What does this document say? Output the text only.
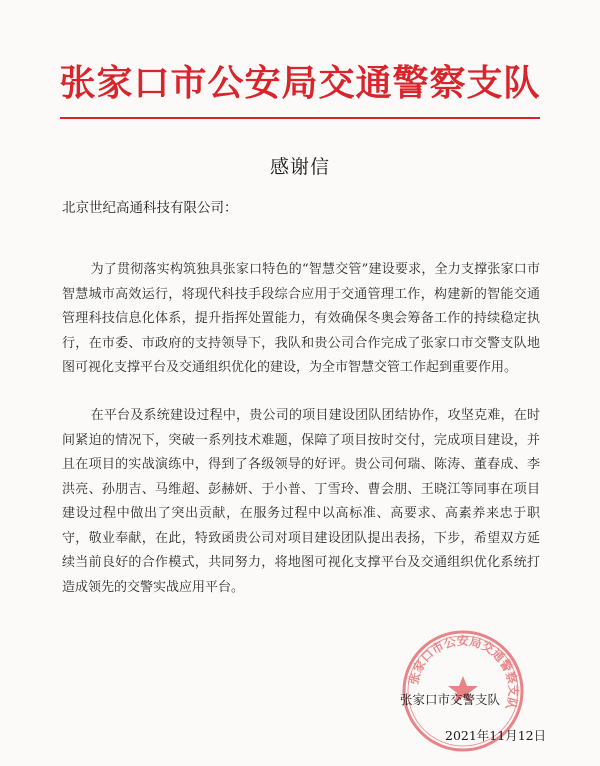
张家口市公安局交通警察支队
感谢信
北京世纪高通科技有限公司：

为了贯彻落实构筑独具张家口特色的“智慧交管”建设要求，全力支撑张家口市智慧城市高效运行，将现代科技手段综合应用于交通管理工作，构建新的智能交通管理科技信息化体系，提升指挥处置能力，有效确保冬奥会筹备工作的持续稳定执行，在市委、市政府的支持领导下，我队和贵公司合作完成了张家口市交警支队地图可视化支撑平台及交通组织优化的建设，为全市智慧交管工作起到重要作用。

在平台及系统建设过程中，贵公司的项目建设团队团结协作，攻坚克难，在时间紧迫的情况下，突破一系列技术难题，保障了项目按时交付，完成项目建设，并且在项目的实战演练中，得到了各级领导的好评。贵公司何瑞、陈涛、董春成、李洪亮、孙朋吉、马维超、彭赫妍、于小普、丁雪玲、曹会朋、王晓江等同事在项目建设过程中做出了突出贡献，在服务过程中以高标准、高要求、高素养来忠于职守，敬业奉献，在此，特致函贵公司对项目建设团队提出表扬，下步，希望双方延续当前良好的合作模式，共同努力，将地图可视化支撑平台及交通组织优化系统打造成领先的交警实战应用平台。

张家口市公安局交通警察支队
张家口市交警支队
2021年11月12日
